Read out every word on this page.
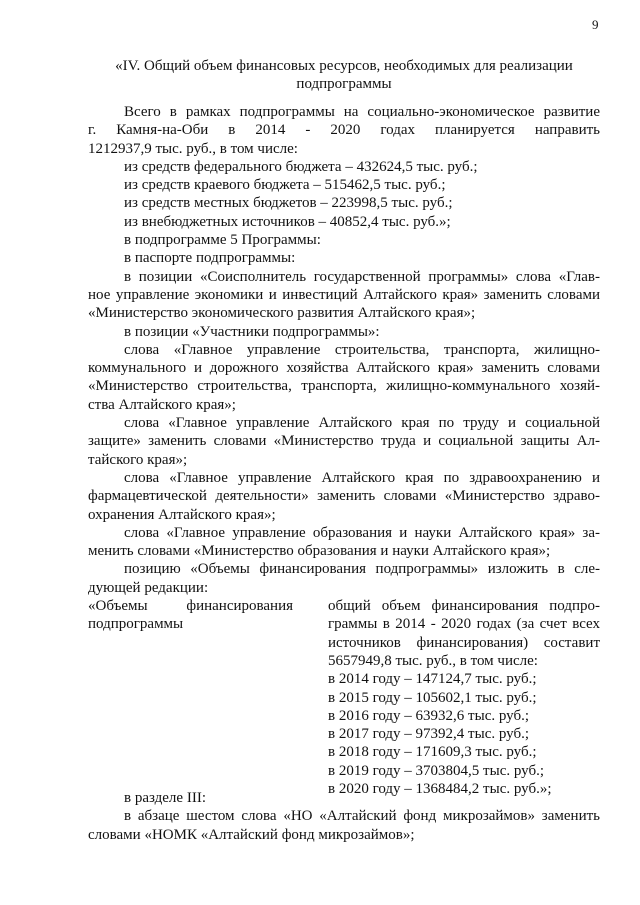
9
«IV. Общий объем финансовых ресурсов, необходимых для реализации
подпрограммы
Всего в рамках подпрограммы на социально-экономическое развитие
г. Камня-на-Оби в 2014 - 2020 годах планируется направить
1212937,9 тыс. руб., в том числе:
из средств федерального бюджета – 432624,5 тыс. руб.;
из средств краевого бюджета – 515462,5 тыс. руб.;
из средств местных бюджетов – 223998,5 тыс. руб.;
из внебюджетных источников – 40852,4 тыс. руб.»;
в подпрограмме 5 Программы:
в паспорте подпрограммы:
в позиции «Соисполнитель государственной программы» слова «Глав-
ное управление экономики и инвестиций Алтайского края» заменить словами
«Министерство экономического развития Алтайского края»;
в позиции «Участники подпрограммы»:
слова «Главное управление строительства, транспорта, жилищно-
коммунального и дорожного хозяйства Алтайского края» заменить словами
«Министерство строительства, транспорта, жилищно-коммунального хозяй-
ства Алтайского края»;
слова «Главное управление Алтайского края по труду и социальной
защите» заменить словами «Министерство труда и социальной защиты Ал-
тайского края»;
слова «Главное управление Алтайского края по здравоохранению и
фармацевтической деятельности» заменить словами «Министерство здраво-
охранения Алтайского края»;
слова «Главное управление образования и науки Алтайского края» за-
менить словами «Министерство образования и науки Алтайского края»;
позицию «Объемы финансирования подпрограммы» изложить в сле-
дующей редакции:
«Объемы финансирования
подпрограммы
общий объем финансирования подпро-
граммы в 2014 - 2020 годах (за счет всех
источников финансирования) составит
5657949,8 тыс. руб., в том числе:
в 2014 году – 147124,7 тыс. руб.;
в 2015 году – 105602,1 тыс. руб.;
в 2016 году – 63932,6 тыс. руб.;
в 2017 году – 97392,4 тыс. руб.;
в 2018 году – 171609,3 тыс. руб.;
в 2019 году – 3703804,5 тыс. руб.;
в 2020 году – 1368484,2 тыс. руб.»;
в разделе III:
в абзаце шестом слова «НО «Алтайский фонд микрозаймов» заменить
словами «НОМК «Алтайский фонд микрозаймов»;
